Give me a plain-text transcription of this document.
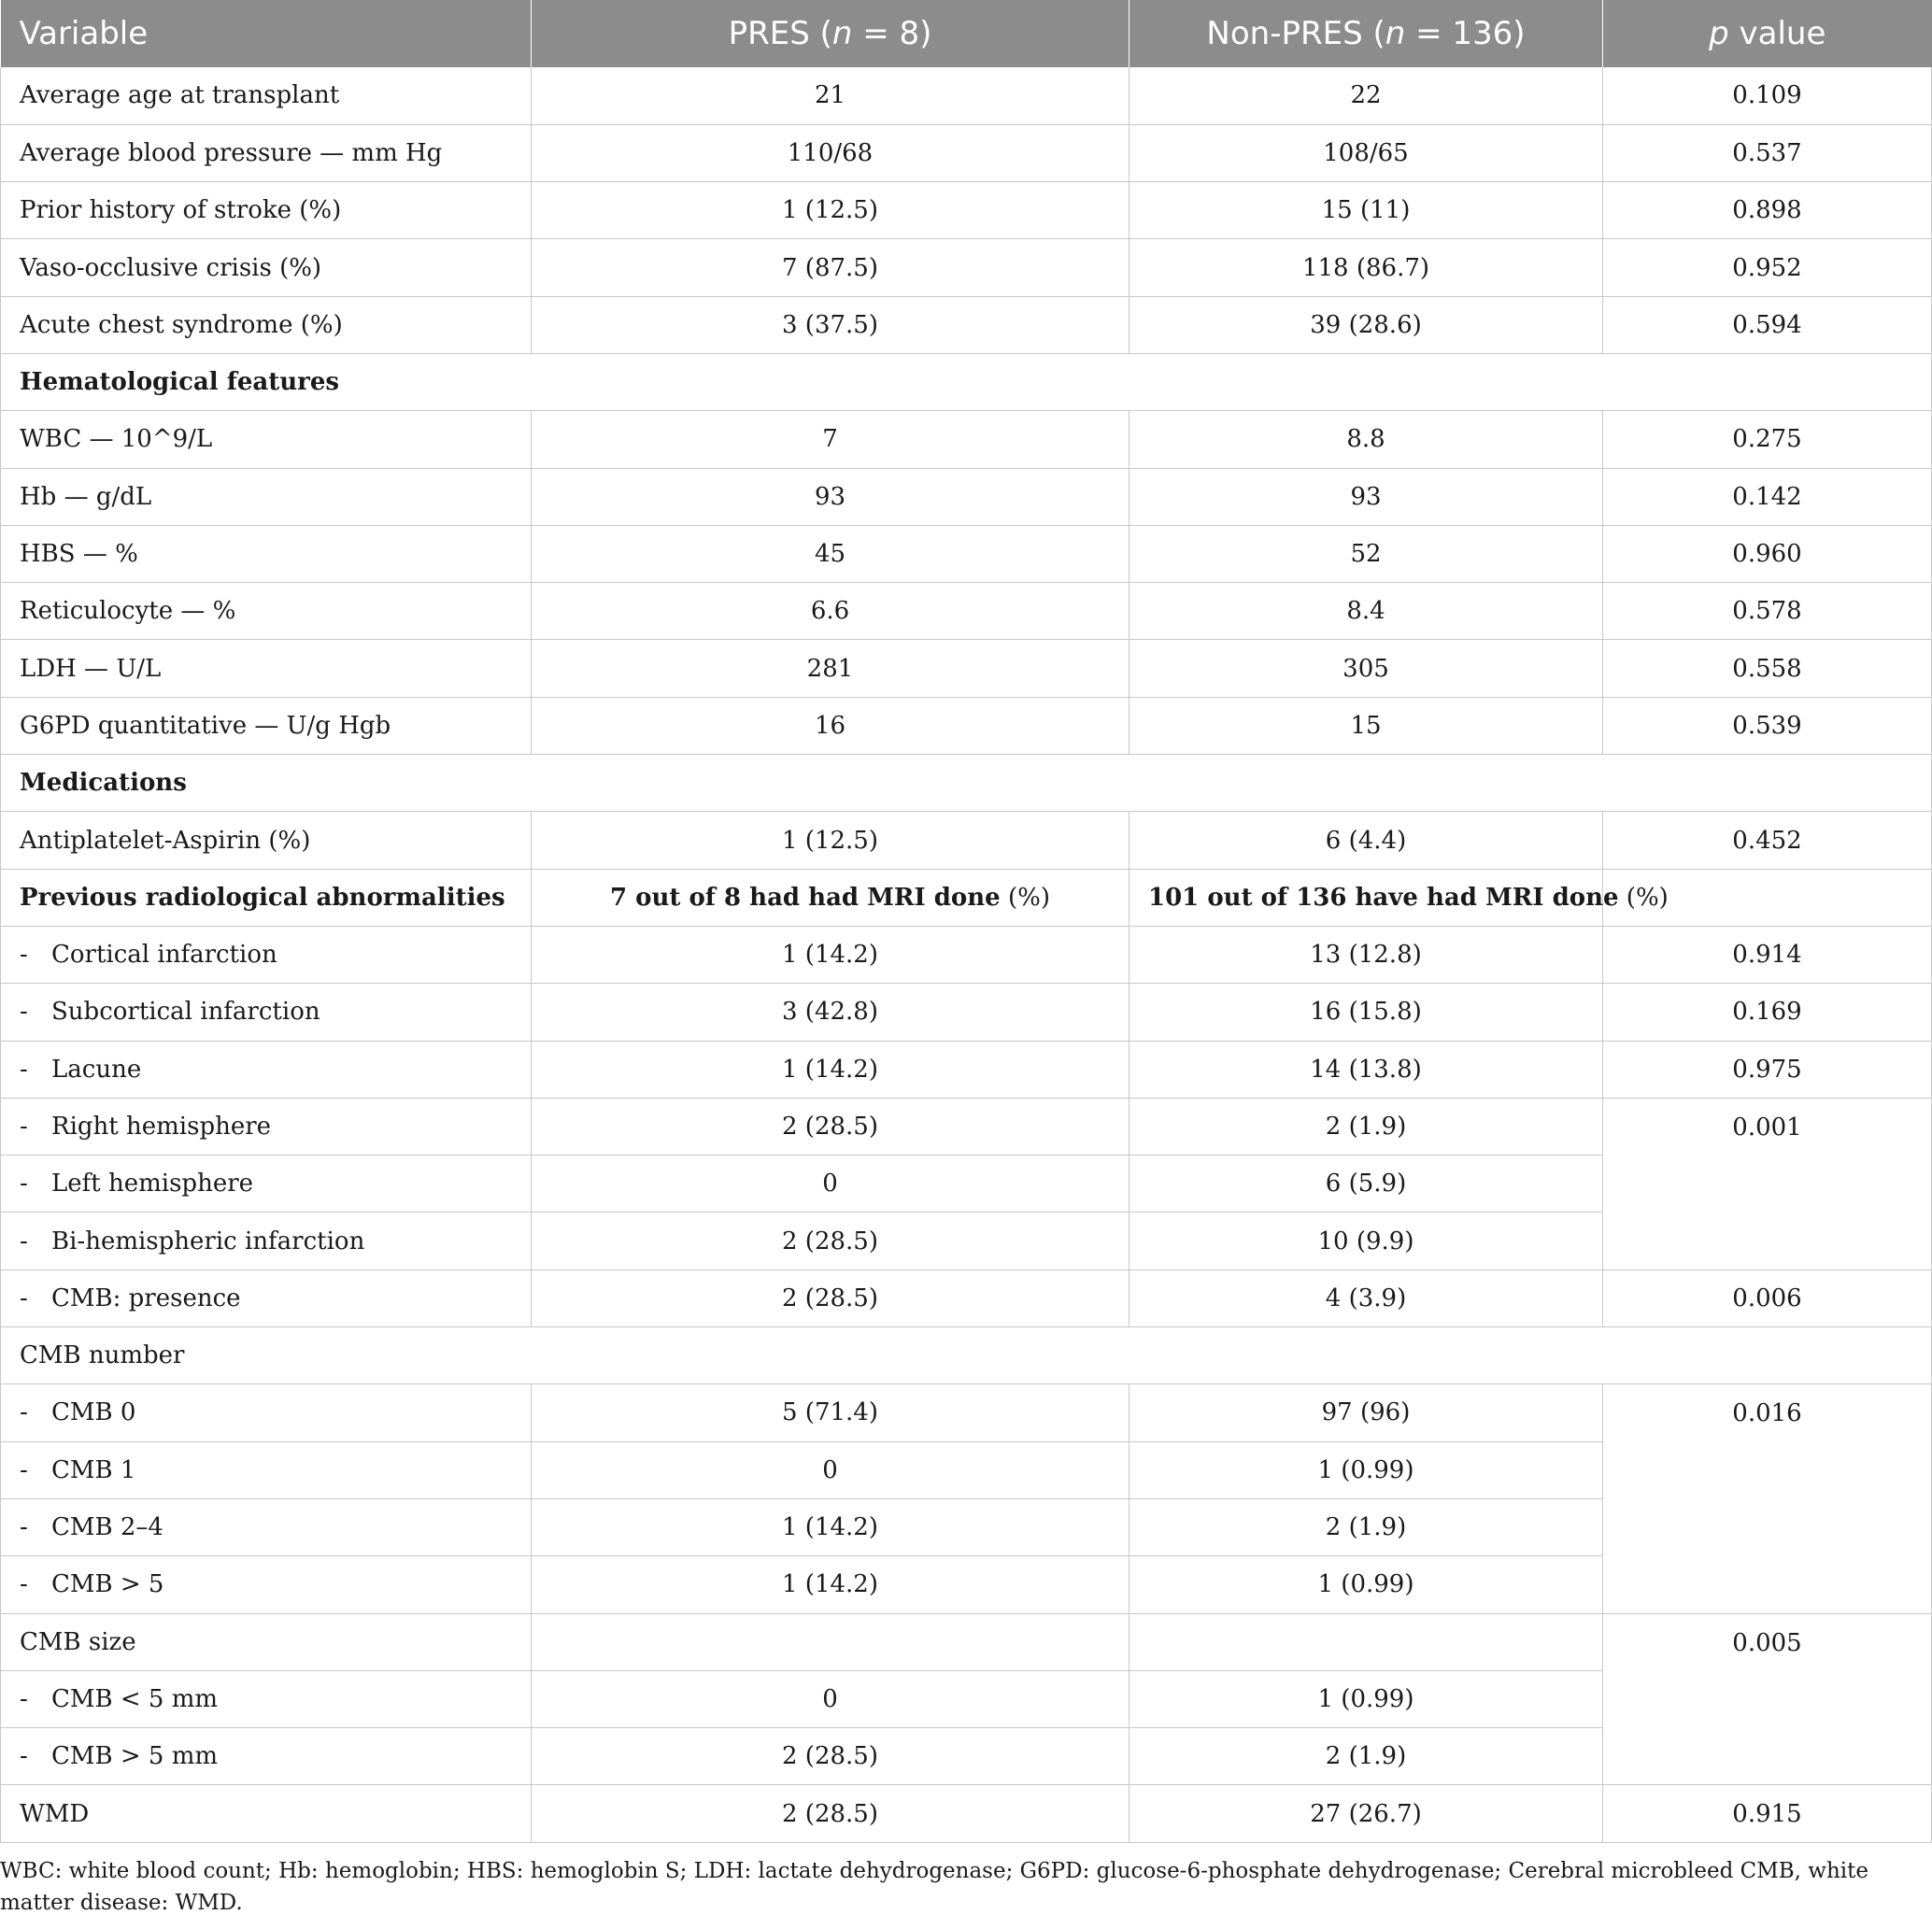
Variable	PRES (n = 8)	Non-PRES (n = 136)	p value
Average age at transplant	21	22	0.109
Average blood pressure — mm Hg	110/68	108/65	0.537
Prior history of stroke (%)	1 (12.5)	15 (11)	0.898
Vaso-occlusive crisis (%)	7 (87.5)	118 (86.7)	0.952
Acute chest syndrome (%)	3 (37.5)	39 (28.6)	0.594
Hematological features			
WBC — 10^9/L	7	8.8	0.275
Hb — g/dL	93	93	0.142
HBS — %	45	52	0.960
Reticulocyte — %	6.6	8.4	0.578
LDH — U/L	281	305	0.558
G6PD quantitative — U/g Hgb	16	15	0.539
Medications			
Antiplatelet-Aspirin (%)	1 (12.5)	6 (4.4)	0.452
Previous radiological abnormalities	7 out of 8 had had MRI done (%)	101 out of 136 have had MRI done (%)	
- Cortical infarction	1 (14.2)	13 (12.8)	0.914
- Subcortical infarction	3 (42.8)	16 (15.8)	0.169
- Lacune	1 (14.2)	14 (13.8)	0.975
- Right hemisphere	2 (28.5)	2 (1.9)	0.001
- Left hemisphere	0	6 (5.9)	
- Bi-hemispheric infarction	2 (28.5)	10 (9.9)	
- CMB: presence	2 (28.5)	4 (3.9)	0.006
CMB number			
- CMB 0	5 (71.4)	97 (96)	0.016
- CMB 1	0	1 (0.99)	
- CMB 2–4	1 (14.2)	2 (1.9)	
- CMB > 5	1 (14.2)	1 (0.99)	
CMB size			0.005
- CMB < 5 mm	0	1 (0.99)	
- CMB > 5 mm	2 (28.5)	2 (1.9)	
WMD	2 (28.5)	27 (26.7)	0.915
WBC: white blood count; Hb: hemoglobin; HBS: hemoglobin S; LDH: lactate dehydrogenase; G6PD: glucose-6-phosphate dehydrogenase; Cerebral microbleed CMB, white matter disease: WMD.
